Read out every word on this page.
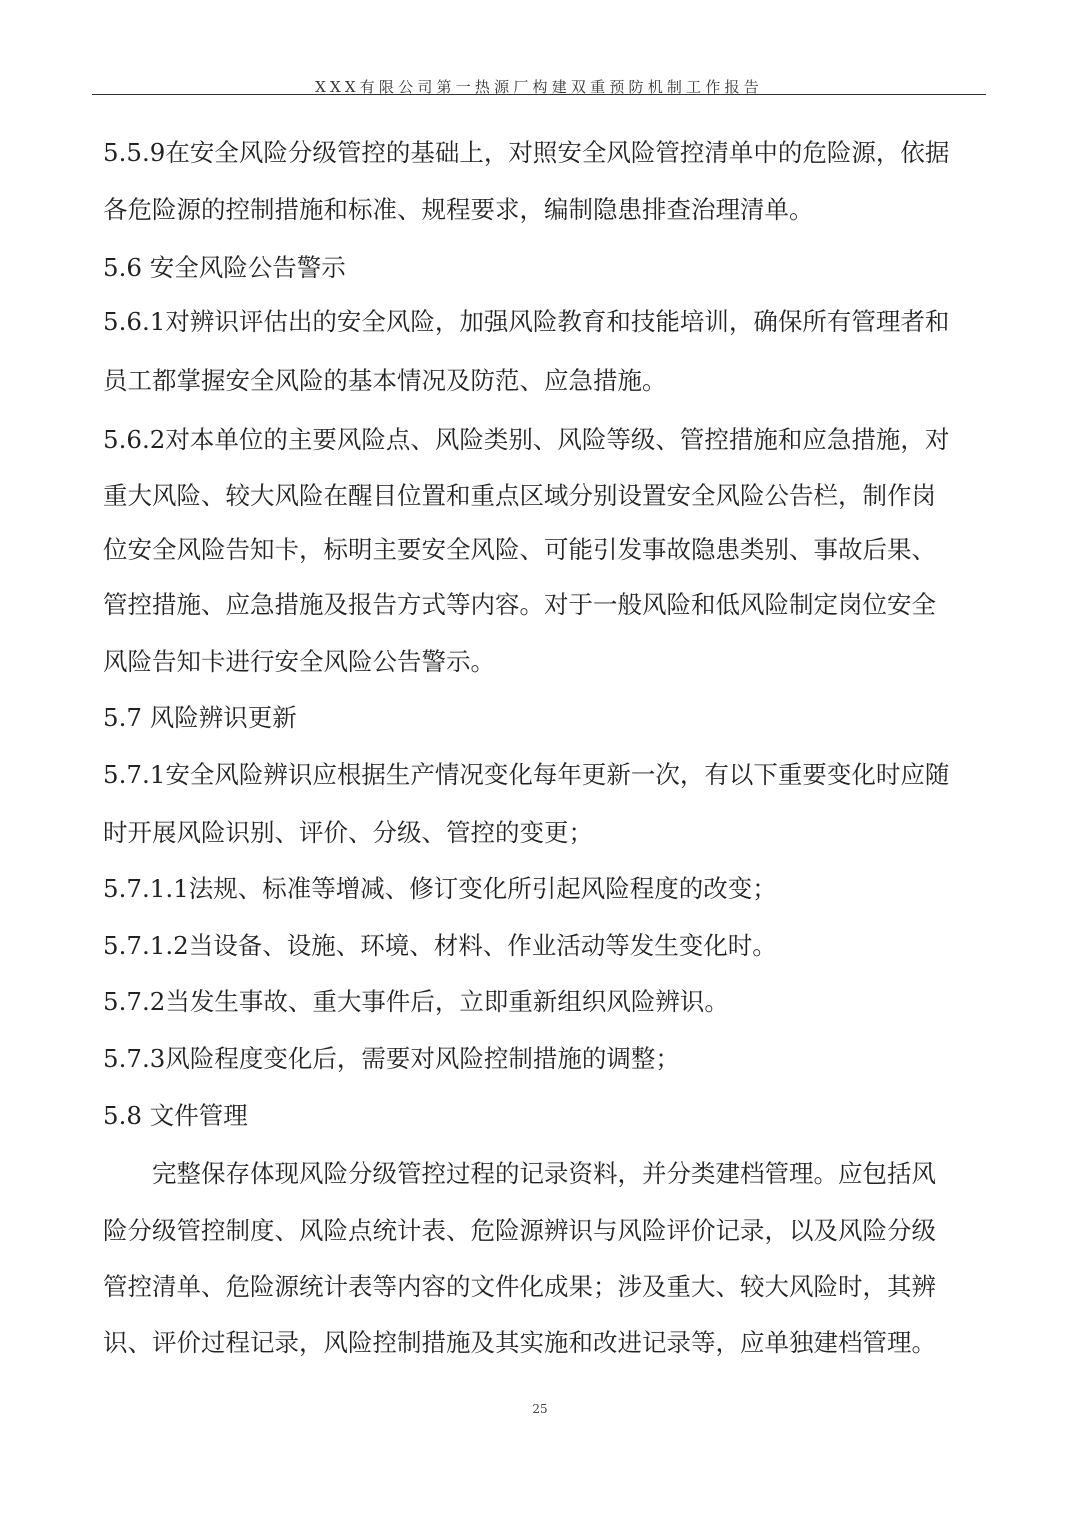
XXX有限公司第一热源厂构建双重预防机制工作报告
5.5.9在安全风险分级管控的基础上，对照安全风险管控清单中的危险源，依据
各危险源的控制措施和标准、规程要求，编制隐患排查治理清单。
5.6 安全风险公告警示
5.6.1对辨识评估出的安全风险，加强风险教育和技能培训，确保所有管理者和
员工都掌握安全风险的基本情况及防范、应急措施。
5.6.2对本单位的主要风险点、风险类别、风险等级、管控措施和应急措施，对
重大风险、较大风险在醒目位置和重点区域分别设置安全风险公告栏，制作岗
位安全风险告知卡，标明主要安全风险、可能引发事故隐患类别、事故后果、
管控措施、应急措施及报告方式等内容。对于一般风险和低风险制定岗位安全
风险告知卡进行安全风险公告警示。
5.7 风险辨识更新
5.7.1安全风险辨识应根据生产情况变化每年更新一次，有以下重要变化时应随
时开展风险识别、评价、分级、管控的变更；
5.7.1.1法规、标准等增减、修订变化所引起风险程度的改变；
5.7.1.2当设备、设施、环境、材料、作业活动等发生变化时。
5.7.2当发生事故、重大事件后，立即重新组织风险辨识。
5.7.3风险程度变化后，需要对风险控制措施的调整；
5.8 文件管理
　　完整保存体现风险分级管控过程的记录资料，并分类建档管理。应包括风
险分级管控制度、风险点统计表、危险源辨识与风险评价记录，以及风险分级
管控清单、危险源统计表等内容的文件化成果；涉及重大、较大风险时，其辨
识、评价过程记录，风险控制措施及其实施和改进记录等，应单独建档管理。
25
